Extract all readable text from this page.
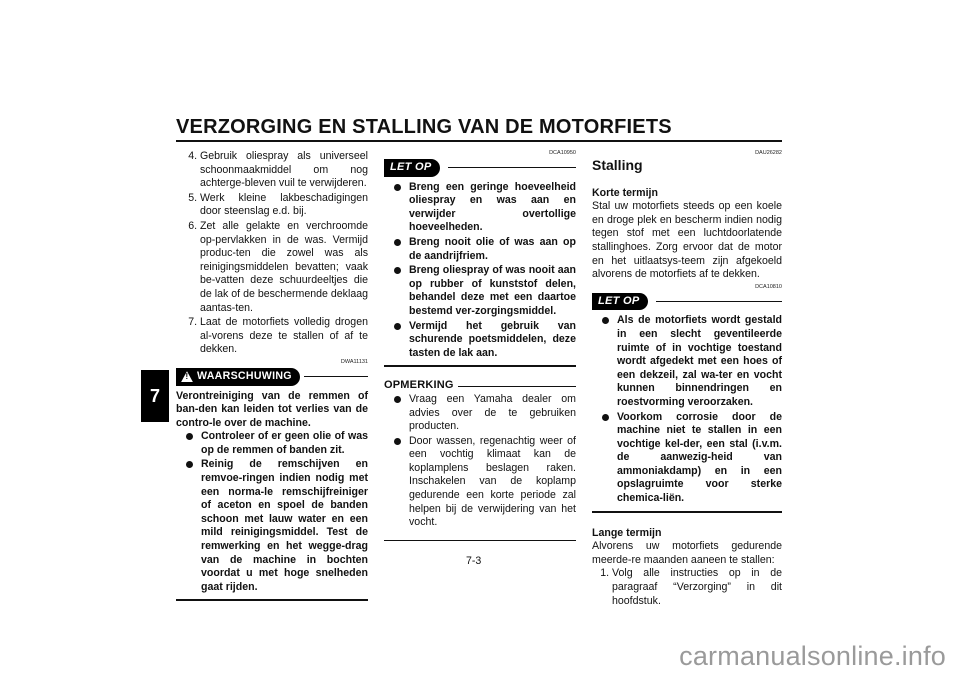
VERZORGING EN STALLING VAN DE MOTORFIETS
7
4. Gebruik oliespray als universeel schoonmaakmiddel om nog achterge-bleven vuil te verwijderen.
5. Werk kleine lakbeschadigingen door steenslag e.d. bij.
6. Zet alle gelakte en verchroomde op-pervlakken in de was. Vermijd produc-ten die zowel was als reinigingsmiddelen bevatten; vaak be-vatten deze schuurdeeltjes die de lak of de beschermende deklaag aantas-ten.
7. Laat de motorfiets volledig drogen al-vorens deze te stallen of af te dekken.
DWA11131
!
WAARSCHUWING

Verontreiniging van de remmen of ban-den kan leiden tot verlies van de contro-le over de machine.

Controleer of er geen olie of was op de remmen of banden zit.
Reinig de remschijven en remvoe-ringen indien nodig met een norma-le remschijfreiniger of aceton en spoel de banden schoon met lauw water en een mild reinigingsmiddel. Test de remwerking en het wegge-drag van de machine in bochten voordat u met hoge snelheden gaat rijden.
DCA10950
LET OP
Breng een geringe hoeveelheid oliespray en was aan en verwijder overtollige hoeveelheden.
Breng nooit olie of was aan op de aandrijfriem.
Breng oliespray of was nooit aan op rubber of kunststof delen, behandel deze met een daartoe bestemd ver-zorgingsmiddel.
Vermijd het gebruik van schurende poetsmiddelen, deze tasten de lak aan.
OPMERKING
Vraag een Yamaha dealer om advies over de te gebruiken producten.
Door wassen, regenachtig weer of een vochtig klimaat kan de koplamplens beslagen raken. Inschakelen van de koplamp gedurende een korte periode zal helpen bij de verwijdering van het vocht.
DAU26282
Stalling

Korte termijn

Stal uw motorfiets steeds op een koele en droge plek en bescherm indien nodig tegen stof met een luchtdoorlatende stallinghoes. Zorg ervoor dat de motor en het uitlaatsys-teem zijn afgekoeld alvorens de motorfiets af te dekken.

DCA10810
LET OP
Als de motorfiets wordt gestald in een slecht geventileerde ruimte of in vochtige toestand wordt afgedekt met een hoes of een dekzeil, zal wa-ter en vocht kunnen binnendringen en roestvorming veroorzaken.
Voorkom corrosie door de machine niet te stallen in een vochtige kel-der, een stal (i.v.m. de aanwezig-heid van ammoniakdamp) en in een opslagruimte voor sterke chemica-liën.

Lange termijn

Alvorens uw motorfiets gedurende meerde-re maanden aaneen te stallen:

1. Volg alle instructies op in de paragraaf “Verzorging” in dit hoofdstuk.
7-3
carmanualsonline.info
